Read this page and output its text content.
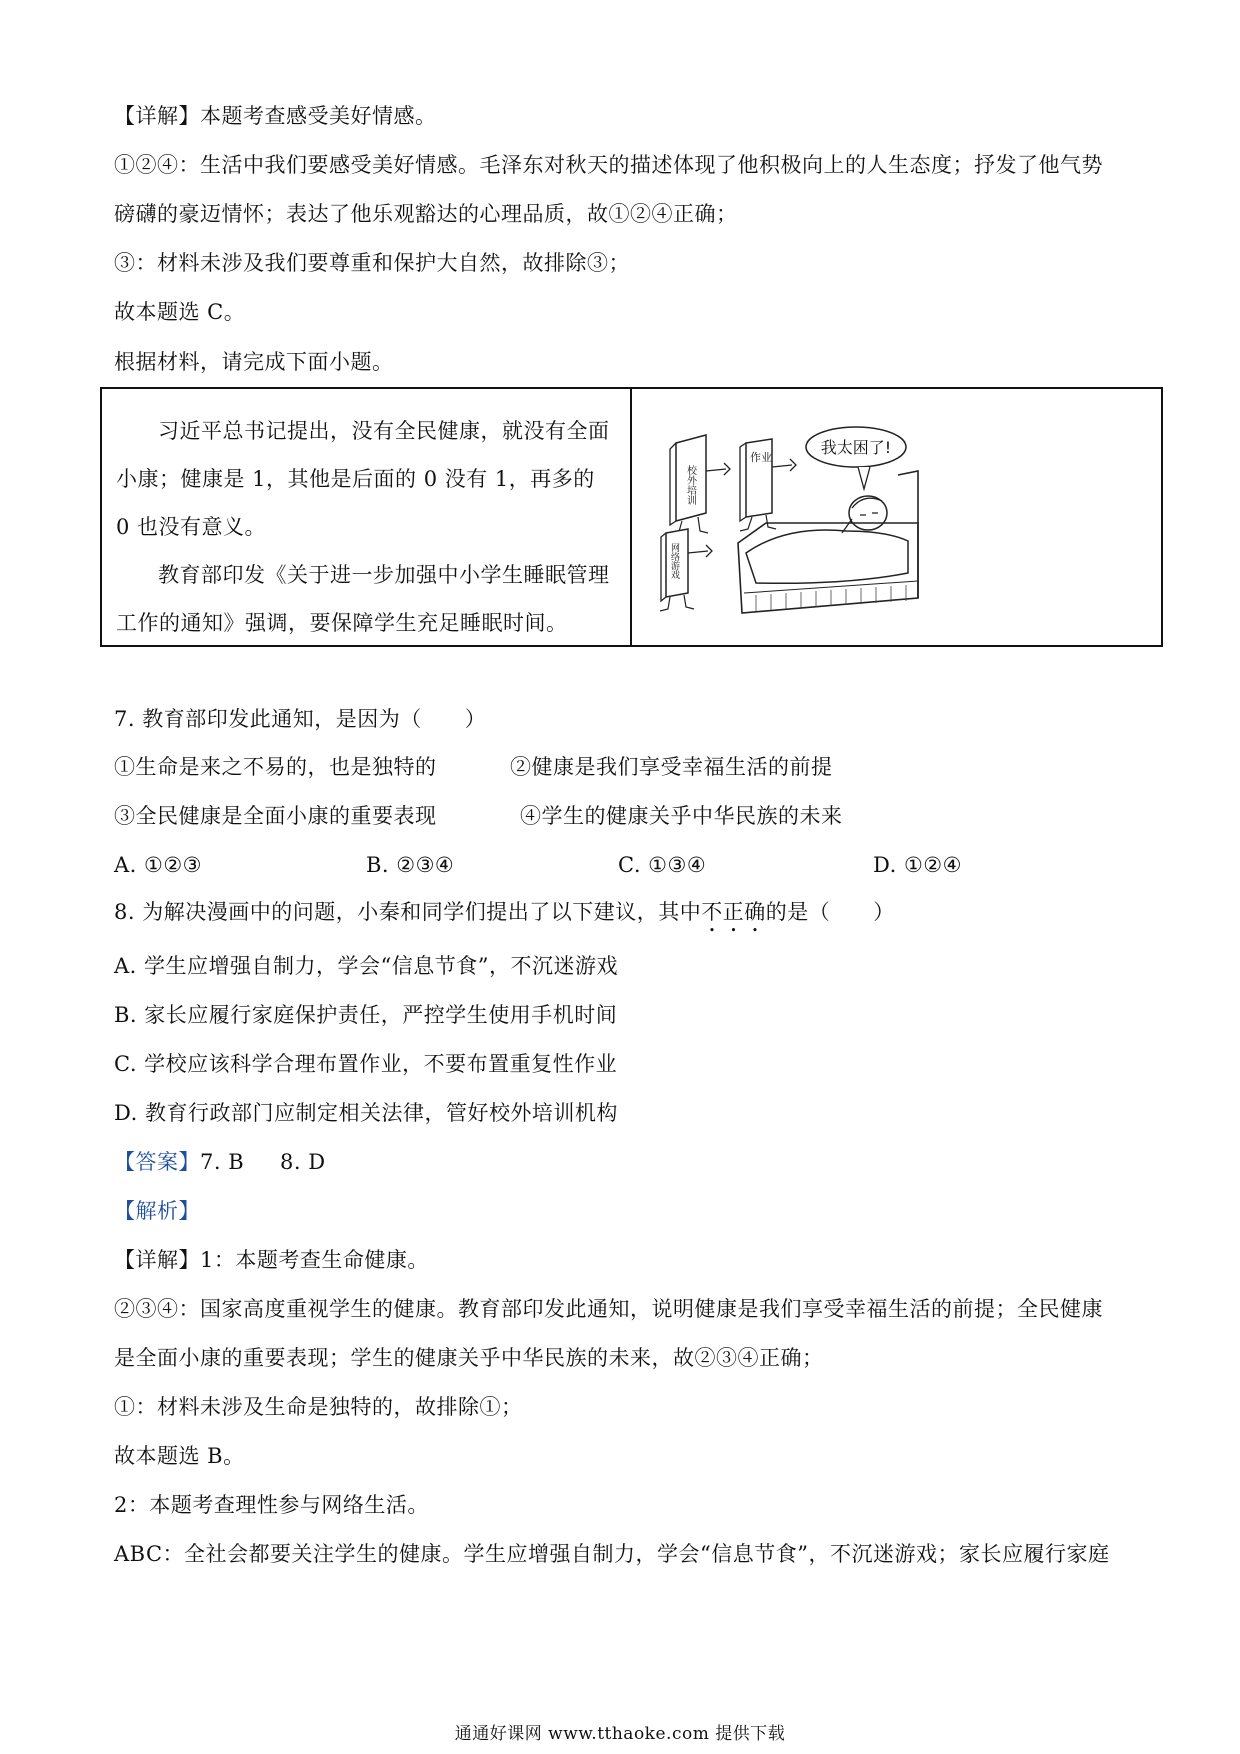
【详解】本题考查感受美好情感。
①②④：生活中我们要感受美好情感。毛泽东对秋天的描述体现了他积极向上的人生态度；抒发了他气势
磅礴的豪迈情怀；表达了他乐观豁达的心理品质，故①②④正确；
③：材料未涉及我们要尊重和保护大自然，故排除③；
故本题选 C。
根据材料，请完成下面小题。
习近平总书记提出，没有全民健康，就没有全面小康；健康是 1，其他是后面的 0 没有 1，再多的 0 也没有意义。
教育部印发《关于进一步加强中小学生睡眠管理工作的通知》强调，要保障学生充足睡眠时间。
我太困了!
校外培训
作业
网络游戏
7. 教育部印发此通知，是因为（　　）
①生命是来之不易的，也是独特的	②健康是我们享受幸福生活的前提
③全民健康是全面小康的重要表现	④学生的健康关乎中华民族的未来
A. ①②③	B. ②③④	C. ①③④	D. ①②④
8. 为解决漫画中的问题，小秦和同学们提出了以下建议，其中不正确的是（　　）
A. 学生应增强自制力，学会“信息节食”，不沉迷游戏
B. 家长应履行家庭保护责任，严控学生使用手机时间
C. 学校应该科学合理布置作业，不要布置重复性作业
D. 教育行政部门应制定相关法律，管好校外培训机构
【答案】7. B 8. D
【解析】
【详解】1：本题考查生命健康。
②③④：国家高度重视学生的健康。教育部印发此通知，说明健康是我们享受幸福生活的前提；全民健康
是全面小康的重要表现；学生的健康关乎中华民族的未来，故②③④正确；
①：材料未涉及生命是独特的，故排除①；
故本题选 B。
2：本题考查理性参与网络生活。
ABC：全社会都要关注学生的健康。学生应增强自制力，学会“信息节食”，不沉迷游戏；家长应履行家庭
通通好课网 www.tthaoke.com 提供下载
